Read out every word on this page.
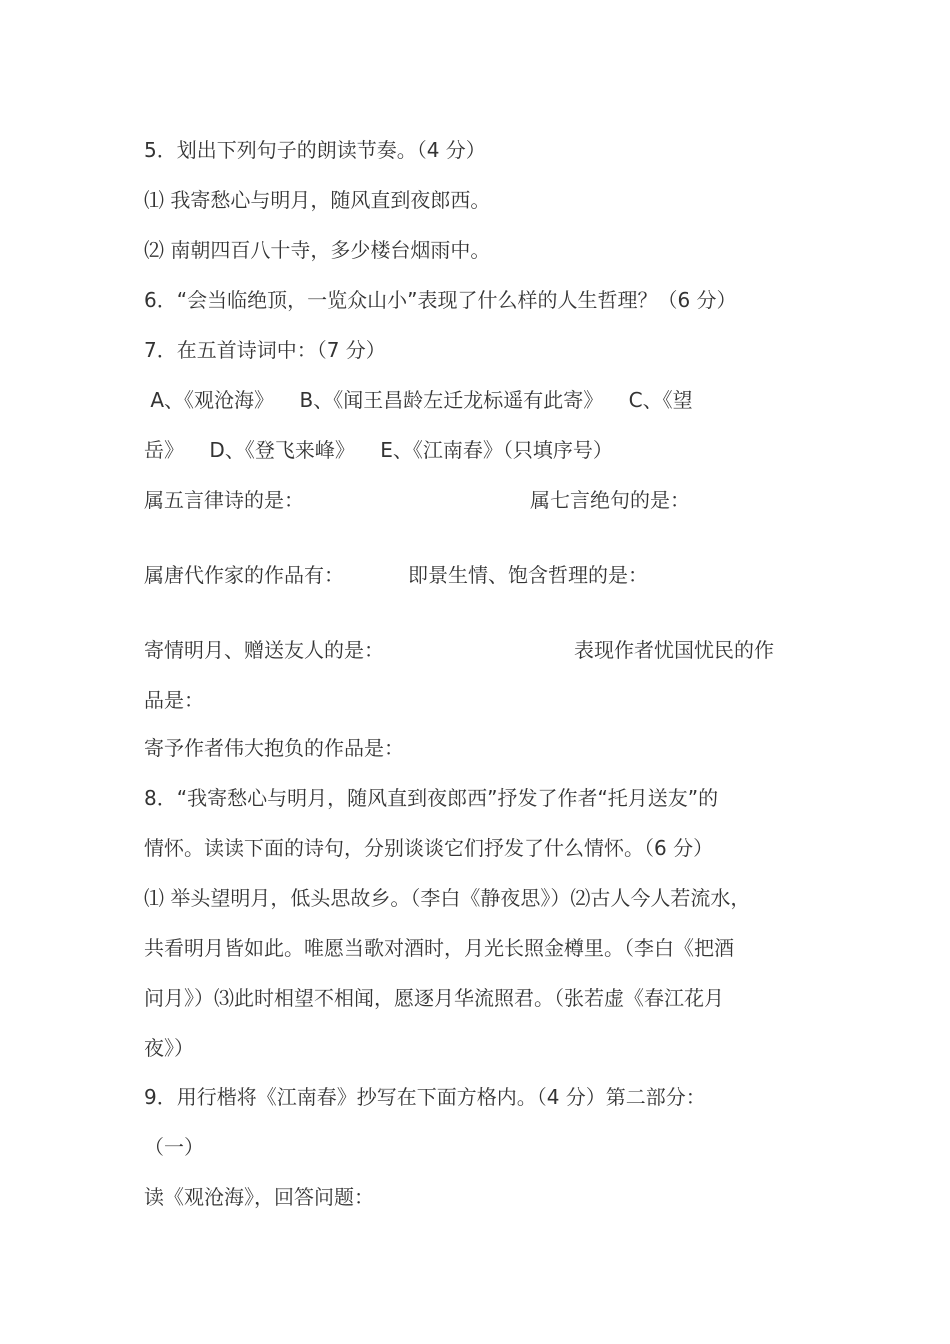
5．划出下列句子的朗读节奏。（4 分）
⑴ 我寄愁心与明月，随风直到夜郎西。
⑵ 南朝四百八十寺，多少楼台烟雨中。
6．“会当临绝顶，一览众山小”表现了什么样的人生哲理？（6 分）
7．在五首诗词中：（7 分）
A、《观沧海》    B、《闻王昌龄左迁龙标遥有此寄》    C、《望
岳》    D、《登飞来峰》    E、《江南春》（只填序号）
属五言律诗的是：	属七言绝句的是：
属唐代作家的作品有：	即景生情、饱含哲理的是：
寄情明月、赠送友人的是：	表现作者忧国忧民的作
品是：
寄予作者伟大抱负的作品是：
8．“我寄愁心与明月，随风直到夜郎西”抒发了作者“托月送友”的
情怀。读读下面的诗句，分别谈谈它们抒发了什么情怀。（6 分）
⑴ 举头望明月，低头思故乡。（李白《静夜思》）⑵古人今人若流水，
共看明月皆如此。唯愿当歌对酒时，月光长照金樽里。（李白《把酒
问月》）⑶此时相望不相闻，愿逐月华流照君。（张若虚《春江花月
夜》）
9．用行楷将《江南春》抄写在下面方格内。（4 分）第二部分：
（一）
读《观沧海》，回答问题：
